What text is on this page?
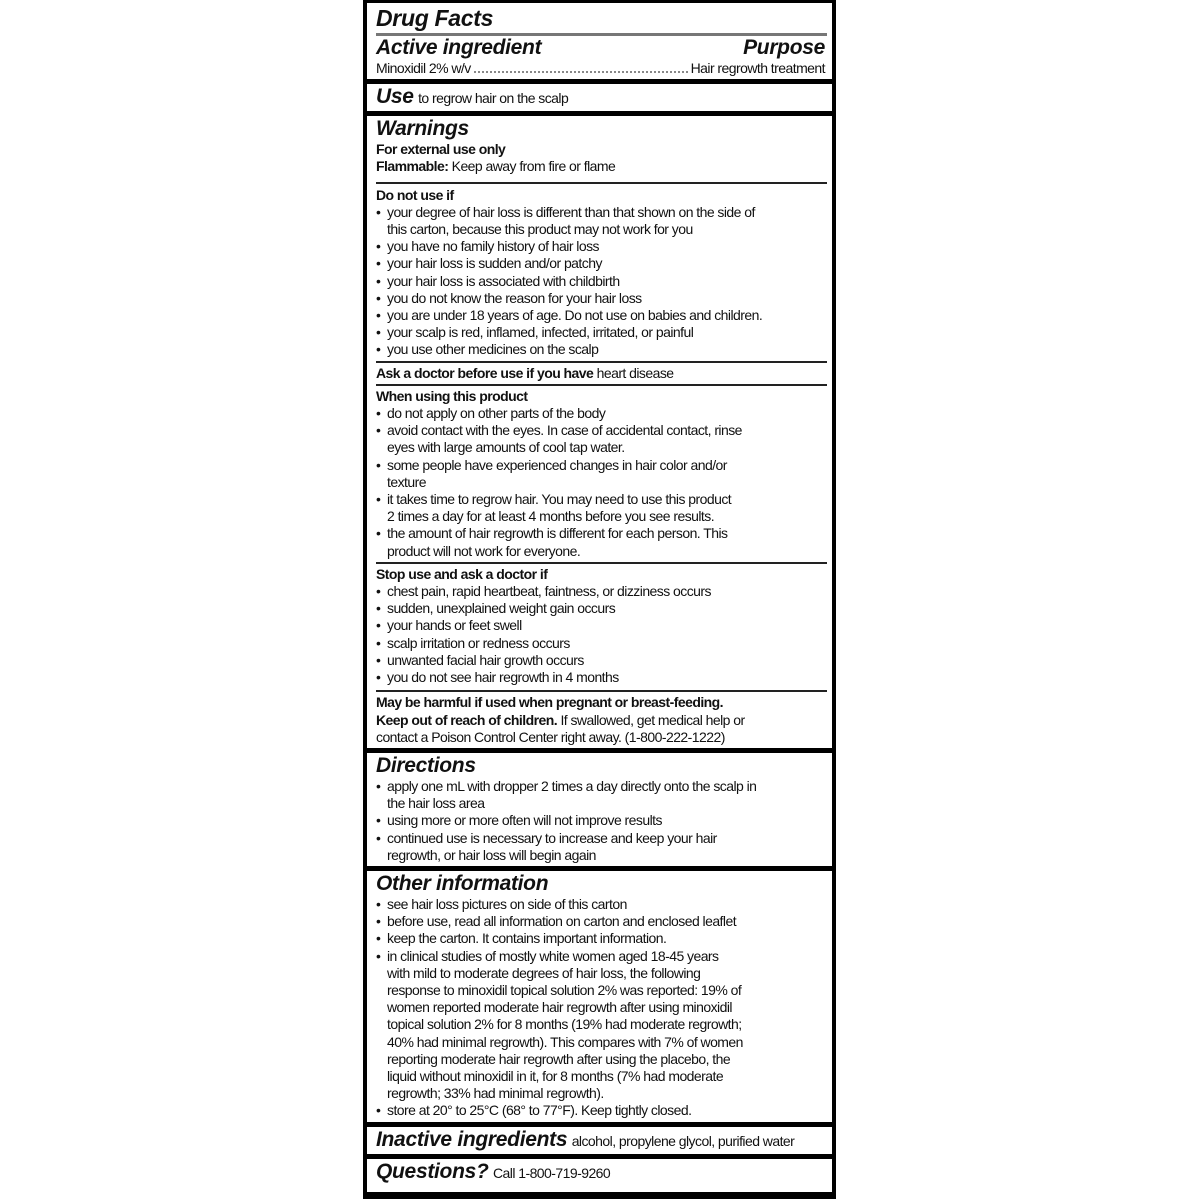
Drug Facts
Active ingredient	Purpose
Minoxidil 2% w/v	Hair regrowth treatment
Use to regrow hair on the scalp
Warnings
For external use only
Flammable: Keep away from fire or flame
Do not use if
• your degree of hair loss is different than that shown on the side of
this carton, because this product may not work for you
• you have no family history of hair loss
• your hair loss is sudden and/or patchy
• your hair loss is associated with childbirth
• you do not know the reason for your hair loss
• you are under 18 years of age. Do not use on babies and children.
• your scalp is red, inflamed, infected, irritated, or painful
• you use other medicines on the scalp
Ask a doctor before use if you have heart disease
When using this product
• do not apply on other parts of the body
• avoid contact with the eyes. In case of accidental contact, rinse
eyes with large amounts of cool tap water.
• some people have experienced changes in hair color and/or
texture
• it takes time to regrow hair. You may need to use this product
2 times a day for at least 4 months before you see results.
• the amount of hair regrowth is different for each person. This
product will not work for everyone.
Stop use and ask a doctor if
• chest pain, rapid heartbeat, faintness, or dizziness occurs
• sudden, unexplained weight gain occurs
• your hands or feet swell
• scalp irritation or redness occurs
• unwanted facial hair growth occurs
• you do not see hair regrowth in 4 months
May be harmful if used when pregnant or breast-feeding.
Keep out of reach of children. If swallowed, get medical help or
contact a Poison Control Center right away. (1-800-222-1222)
Directions
• apply one mL with dropper 2 times a day directly onto the scalp in
the hair loss area
• using more or more often will not improve results
• continued use is necessary to increase and keep your hair
regrowth, or hair loss will begin again
Other information
• see hair loss pictures on side of this carton
• before use, read all information on carton and enclosed leaflet
• keep the carton. It contains important information.
• in clinical studies of mostly white women aged 18-45 years
with mild to moderate degrees of hair loss, the following
response to minoxidil topical solution 2% was reported: 19% of
women reported moderate hair regrowth after using minoxidil
topical solution 2% for 8 months (19% had moderate regrowth;
40% had minimal regrowth). This compares with 7% of women
reporting moderate hair regrowth after using the placebo, the
liquid without minoxidil in it, for 8 months (7% had moderate
regrowth; 33% had minimal regrowth).
• store at 20° to 25°C (68° to 77°F). Keep tightly closed.
Inactive ingredients alcohol, propylene glycol, purified water
Questions? Call 1-800-719-9260
